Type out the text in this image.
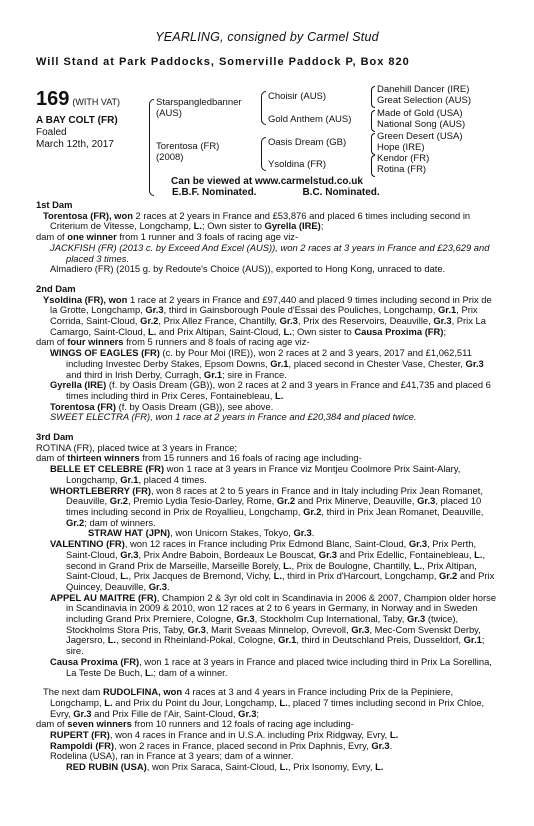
YEARLING, consigned by Carmel Stud
Will Stand at Park Paddocks, Somerville Paddock P, Box 820
169 (WITH VAT)
A BAY COLT (FR)
Foaled
March 12th, 2017
Starspangledbanner
(AUS)
Torentosa (FR)
(2008)
Choisir (AUS)
Gold Anthem (AUS)
Oasis Dream (GB)
Ysoldina (FR)
Danehill Dancer (IRE)
Great Selection (AUS)
Made of Gold (USA)
National Song (AUS)
Green Desert (USA)
Hope (IRE)
Kendor (FR)
Rotina (FR)
Can be viewed at www.carmelstud.co.uk
E.B.F. Nominated.	B.C. Nominated.

1st Dam

Torentosa (FR), won 2 races at 2 years in France and £53,876 and placed 6 times including second in Criterium de Vitesse, Longchamp, L.; Own sister to Gyrella (IRE);

dam of one winner from 1 runner and 3 foals of racing age viz-

JACKFISH (FR) (2013 c. by Exceed And Excel (AUS)), won 2 races at 3 years in France and £23,629 and placed 3 times.

Almadiero (FR) (2015 g. by Redoute's Choice (AUS)), exported to Hong Kong, unraced to date.

2nd Dam

Ysoldina (FR), won 1 race at 2 years in France and £97,440 and placed 9 times including second in Prix de la Grotte, Longchamp, Gr.3, third in Gainsborough Poule d'Essai des Pouliches, Longchamp, Gr.1, Prix Corrida, Saint-Cloud, Gr.2, Prix Allez France, Chantilly, Gr.3, Prix des Reservoirs, Deauville, Gr.3, Prix La Camargo, Saint-Cloud, L. and Prix Altipan, Saint-Cloud, L.; Own sister to Causa Proxima (FR);

dam of four winners from 5 runners and 8 foals of racing age viz-

WINGS OF EAGLES (FR) (c. by Pour Moi (IRE)), won 2 races at 2 and 3 years, 2017 and £1,062,511 including Investec Derby Stakes, Epsom Downs, Gr.1, placed second in Chester Vase, Chester, Gr.3 and third in Irish Derby, Curragh, Gr.1; sire in France.

Gyrella (IRE) (f. by Oasis Dream (GB)), won 2 races at 2 and 3 years in France and £41,735 and placed 6 times including third in Prix Ceres, Fontainebleau, L.

Torentosa (FR) (f. by Oasis Dream (GB)), see above.

SWEET ELECTRA (FR), won 1 race at 2 years in France and £20,384 and placed twice.

3rd Dam

ROTINA (FR), placed twice at 3 years in France;

dam of thirteen winners from 15 runners and 16 foals of racing age including-

BELLE ET CELEBRE (FR) won 1 race at 3 years in France viz Montjeu Coolmore Prix Saint-Alary, Longchamp, Gr.1, placed 4 times.

WHORTLEBERRY (FR), won 8 races at 2 to 5 years in France and in Italy including Prix Jean Romanet, Deauville, Gr.2, Premio Lydia Tesio-Darley, Rome, Gr.2 and Prix Minerve, Deauville, Gr.3, placed 10 times including second in Prix de Royallieu, Longchamp, Gr.2, third in Prix Jean Romanet, Deauville, Gr.2; dam of winners.

STRAW HAT (JPN), won Unicorn Stakes, Tokyo, Gr.3.

VALENTINO (FR), won 12 races in France including Prix Edmond Blanc, Saint-Cloud, Gr.3, Prix Perth, Saint-Cloud, Gr.3, Prix Andre Baboin, Bordeaux Le Bouscat, Gr.3 and Prix Edellic, Fontainebleau, L., second in Grand Prix de Marseille, Marseille Borely, L., Prix de Boulogne, Chantilly, L., Prix Altipan, Saint-Cloud, L., Prix Jacques de Bremond, Vichy, L., third in Prix d'Harcourt, Longchamp, Gr.2 and Prix Quincey, Deauville, Gr.3.

APPEL AU MAITRE (FR), Champion 2 & 3yr old colt in Scandinavia in 2006 & 2007, Champion older horse in Scandinavia in 2009 & 2010, won 12 races at 2 to 6 years in Germany, in Norway and in Sweden including Grand Prix Premiere, Cologne, Gr.3, Stockholm Cup International, Taby, Gr.3 (twice), Stockholms Stora Pris, Taby, Gr.3, Marit Sveaas Minnelop, Ovrevoll, Gr.3, Mec-Com Svenskt Derby, Jagersro, L., second in Rheinland-Pokal, Cologne, Gr.1, third in Deutschland Preis, Dusseldorf, Gr.1; sire.

Causa Proxima (FR), won 1 race at 3 years in France and placed twice including third in Prix La Sorellina, La Teste De Buch, L.; dam of a winner.

The next dam RUDOLFINA, won 4 races at 3 and 4 years in France including Prix de la Pepiniere, Longchamp, L. and Prix du Point du Jour, Longchamp, L., placed 7 times including second in Prix Chloe, Evry, Gr.3 and Prix Fille de l'Air, Saint-Cloud, Gr.3;

dam of seven winners from 10 runners and 12 foals of racing age including-

RUPERT (FR), won 4 races in France and in U.S.A. including Prix Ridgway, Evry, L.

Rampoldi (FR), won 2 races in France, placed second in Prix Daphnis, Evry, Gr.3.

Rodelina (USA), ran in France at 3 years; dam of a winner.

RED RUBIN (USA), won Prix Saraca, Saint-Cloud, L., Prix Isonomy, Evry, L.
